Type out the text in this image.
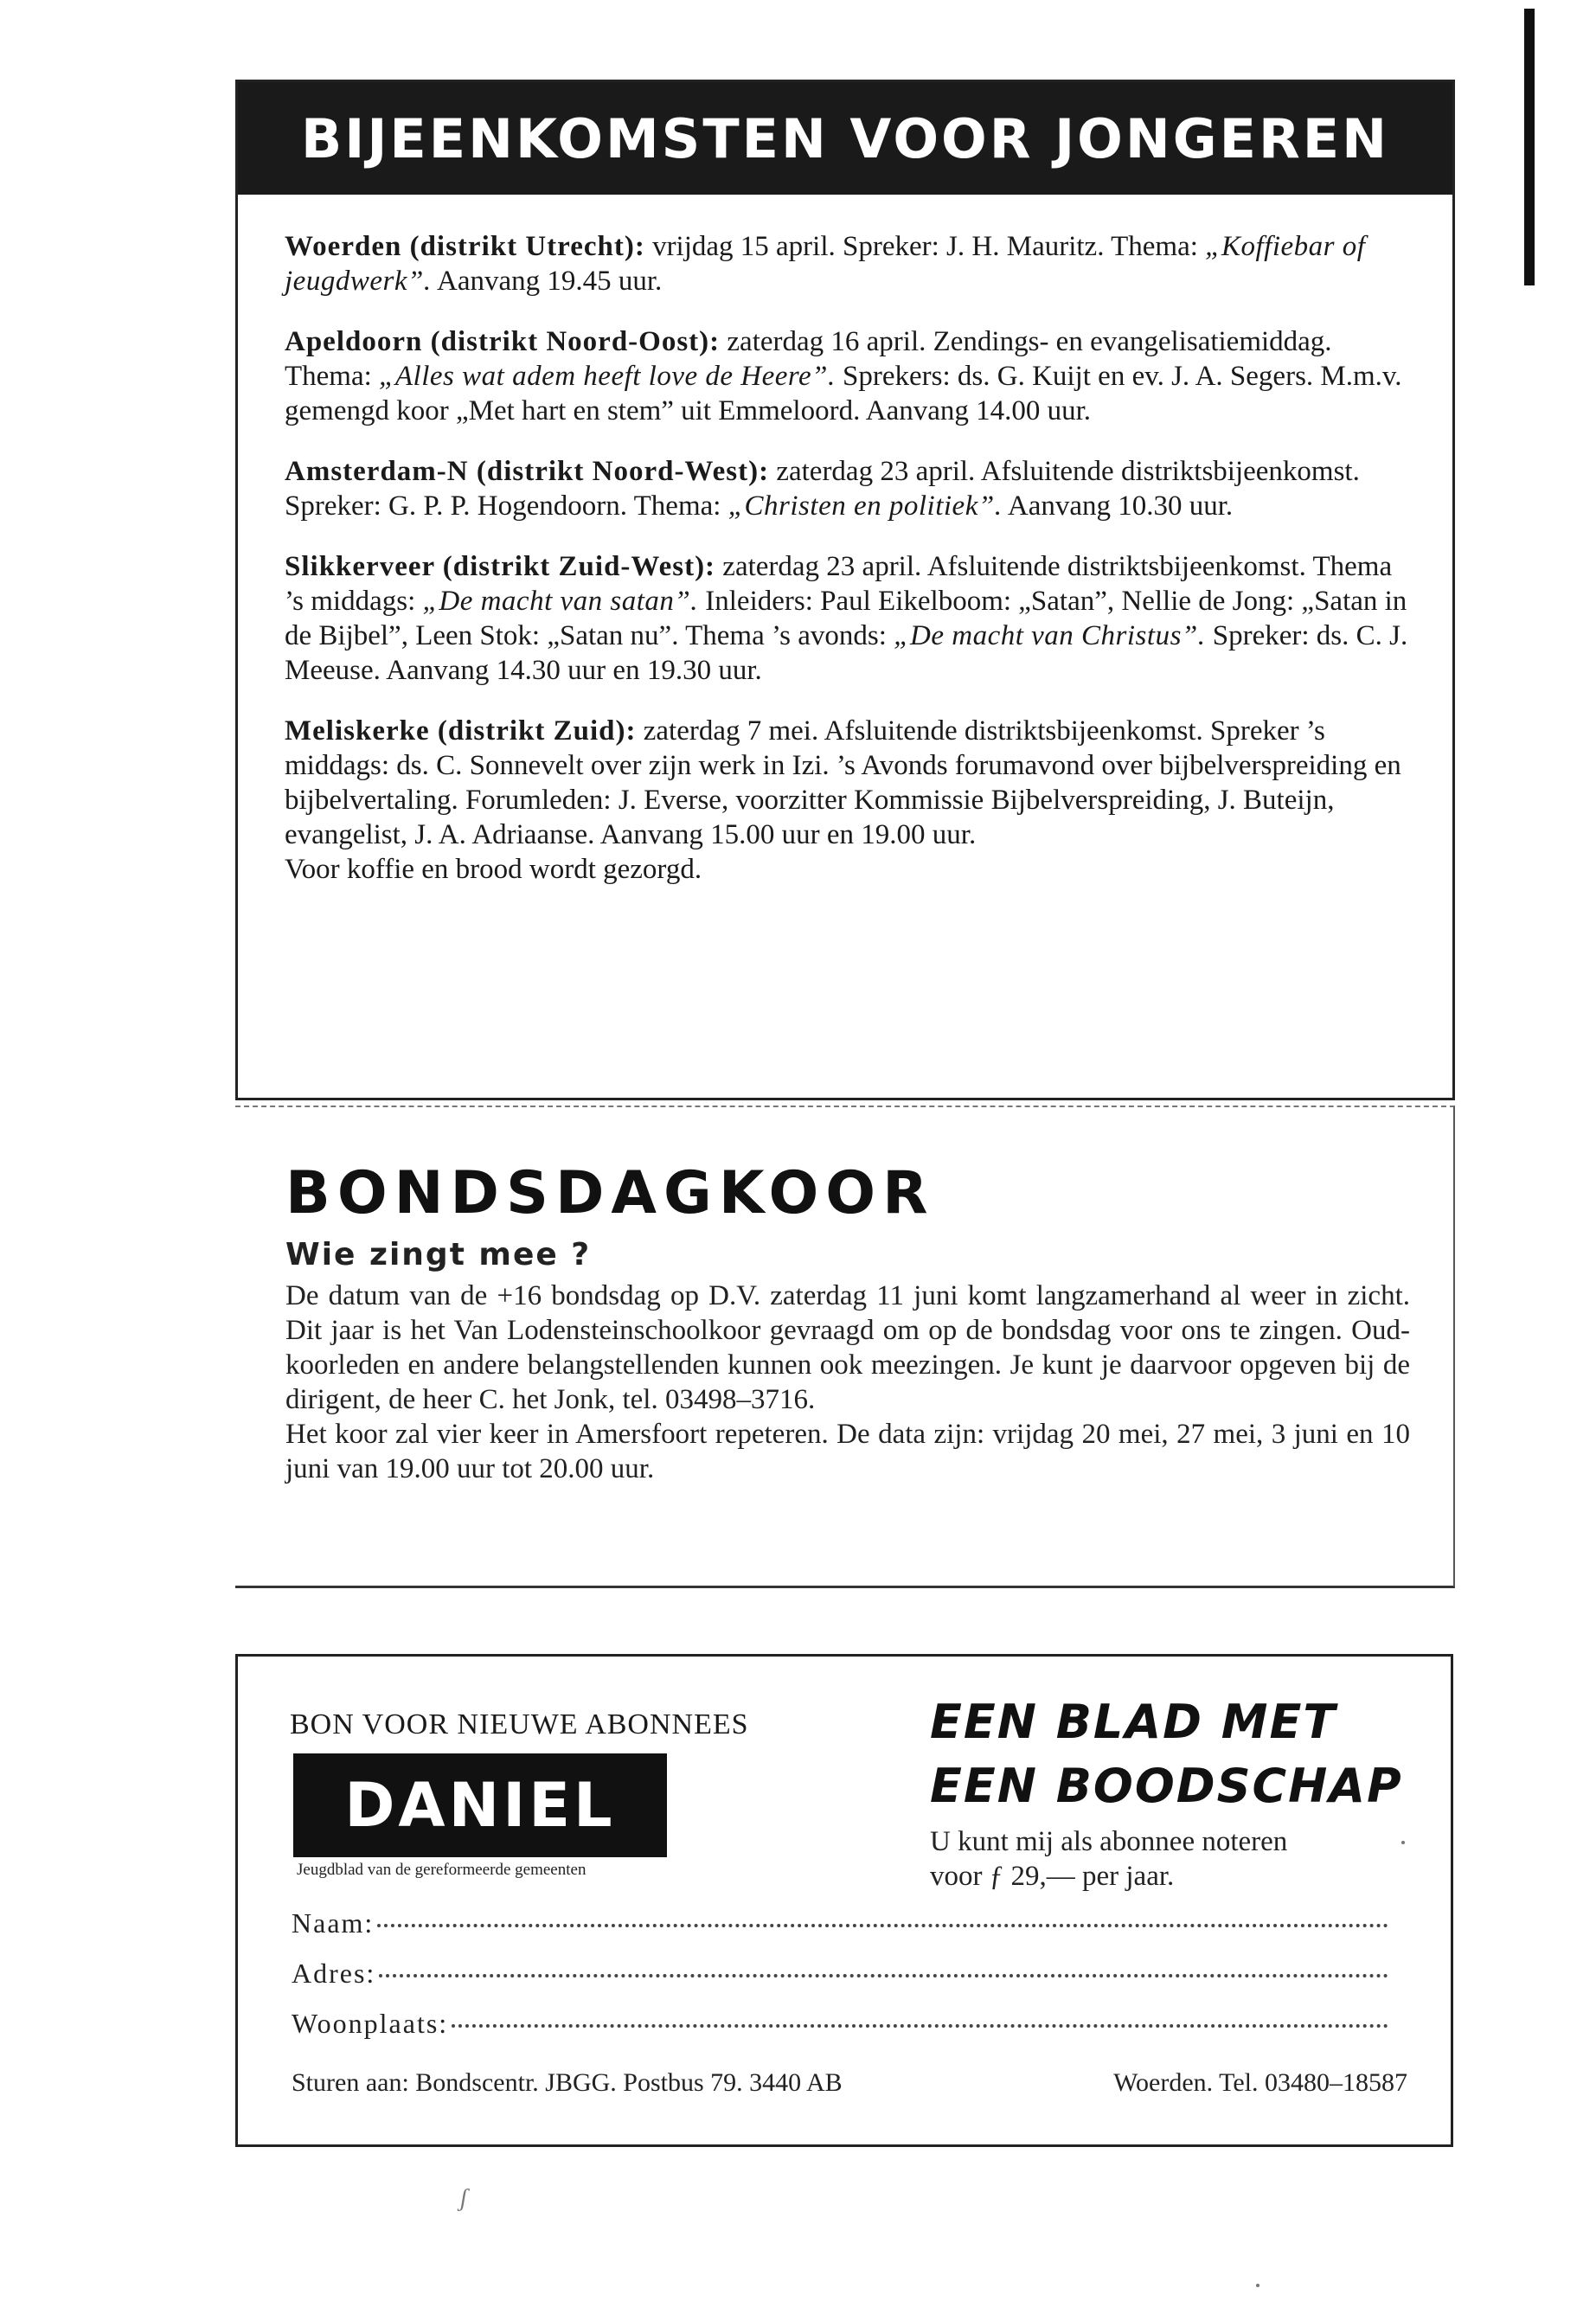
BIJEENKOMSTEN VOOR JONGEREN
Woerden (distrikt Utrecht): vrijdag 15 april. Spreker: J. H. Mauritz. Thema: „Koffiebar of jeugdwerk”. Aanvang 19.45 uur.
Apeldoorn (distrikt Noord-Oost): zaterdag 16 april. Zendings- en evangelisatiemiddag. Thema: „Alles wat adem heeft love de Heere”. Sprekers: ds. G. Kuijt en ev. J. A. Segers. M.m.v. gemengd koor „Met hart en stem” uit Emmeloord. Aanvang 14.00 uur.
Amsterdam-N (distrikt Noord-West): zaterdag 23 april. Afsluitende distriktsbijeenkomst. Spreker: G. P. P. Hogendoorn. Thema: „Christen en politiek”. Aanvang 10.30 uur.
Slikkerveer (distrikt Zuid-West): zaterdag 23 april. Afsluitende distriktsbijeenkomst. Thema ’s middags: „De macht van satan”. Inleiders: Paul Eikelboom: „Satan”, Nellie de Jong: „Satan in de Bijbel”, Leen Stok: „Satan nu”. Thema ’s avonds: „De macht van Christus”. Spreker: ds. C. J. Meeuse. Aanvang 14.30 uur en 19.30 uur.
Meliskerke (distrikt Zuid): zaterdag 7 mei. Afsluitende distriktsbijeenkomst. Spreker ’s middags: ds. C. Sonnevelt over zijn werk in Izi. ’s Avonds forumavond over bijbelverspreiding en bijbelvertaling. Forumleden: J. Everse, voorzitter Kommissie Bijbelverspreiding, J. Buteijn, evangelist, J. A. Adriaanse. Aanvang 15.00 uur en 19.00 uur.
Voor koffie en brood wordt gezorgd.
BONDSDAGKOOR
Wie zingt mee ?
De datum van de +16 bondsdag op D.V. zaterdag 11 juni komt langzamerhand al weer in zicht. Dit jaar is het Van Lodensteinschoolkoor gevraagd om op de bondsdag voor ons te zingen. Oud-koorleden en andere belangstellenden kunnen ook meezingen. Je kunt je daarvoor opgeven bij de dirigent, de heer C. het Jonk, tel. 03498–3716.
Het koor zal vier keer in Amersfoort repeteren. De data zijn: vrijdag 20 mei, 27 mei, 3 juni en 10 juni van 19.00 uur tot 20.00 uur.
BON VOOR NIEUWE ABONNEES
DANIEL
Jeugdblad van de gereformeerde gemeenten
EEN BLAD MET
EEN BOODSCHAP
U kunt mij als abonnee noteren
voor ƒ 29,— per jaar.
Naam:
Adres:
Woonplaats:
Sturen aan: Bondscentr. JBGG. Postbus 79. 3440 AB	Woerden. Tel. 03480–18587
ʃ
